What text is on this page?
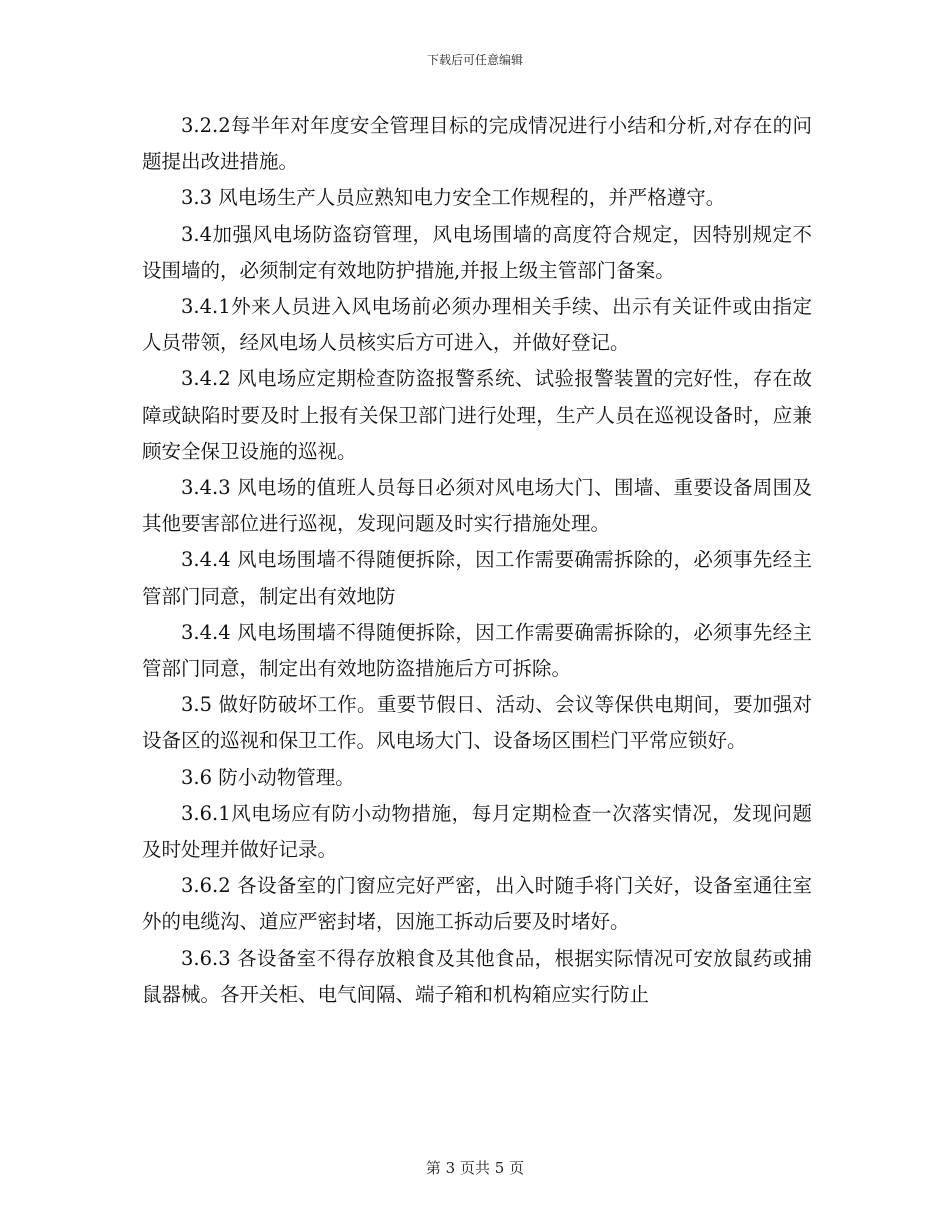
下载后可任意编辑

3.2.2每半年对年度安全管理目标的完成情况进行小结和分析,对存在的问题提出改进措施。

3.3 风电场生产人员应熟知电力安全工作规程的，并严格遵守。

3.4加强风电场防盗窃管理，风电场围墙的高度符合规定，因特别规定不设围墙的，必须制定有效地防护措施,并报上级主管部门备案。

3.4.1外来人员进入风电场前必须办理相关手续、出示有关证件或由指定人员带领，经风电场人员核实后方可进入，并做好登记。

3.4.2 风电场应定期检查防盗报警系统、试验报警装置的完好性，存在故障或缺陷时要及时上报有关保卫部门进行处理，生产人员在巡视设备时，应兼顾安全保卫设施的巡视。

3.4.3 风电场的值班人员每日必须对风电场大门、围墙、重要设备周围及其他要害部位进行巡视，发现问题及时实行措施处理。

3.4.4 风电场围墙不得随便拆除，因工作需要确需拆除的，必须事先经主管部门同意，制定出有效地防

3.4.4 风电场围墙不得随便拆除，因工作需要确需拆除的，必须事先经主管部门同意，制定出有效地防盗措施后方可拆除。

3.5 做好防破坏工作。重要节假日、活动、会议等保供电期间，要加强对设备区的巡视和保卫工作。风电场大门、设备场区围栏门平常应锁好。

3.6 防小动物管理。

3.6.1风电场应有防小动物措施，每月定期检查一次落实情况，发现问题及时处理并做好记录。

3.6.2 各设备室的门窗应完好严密，出入时随手将门关好，设备室通往室外的电缆沟、道应严密封堵，因施工拆动后要及时堵好。

3.6.3 各设备室不得存放粮食及其他食品，根据实际情况可安放鼠药或捕鼠器械。各开关柜、电气间隔、端子箱和机构箱应实行防止

第 3 页共 5 页
